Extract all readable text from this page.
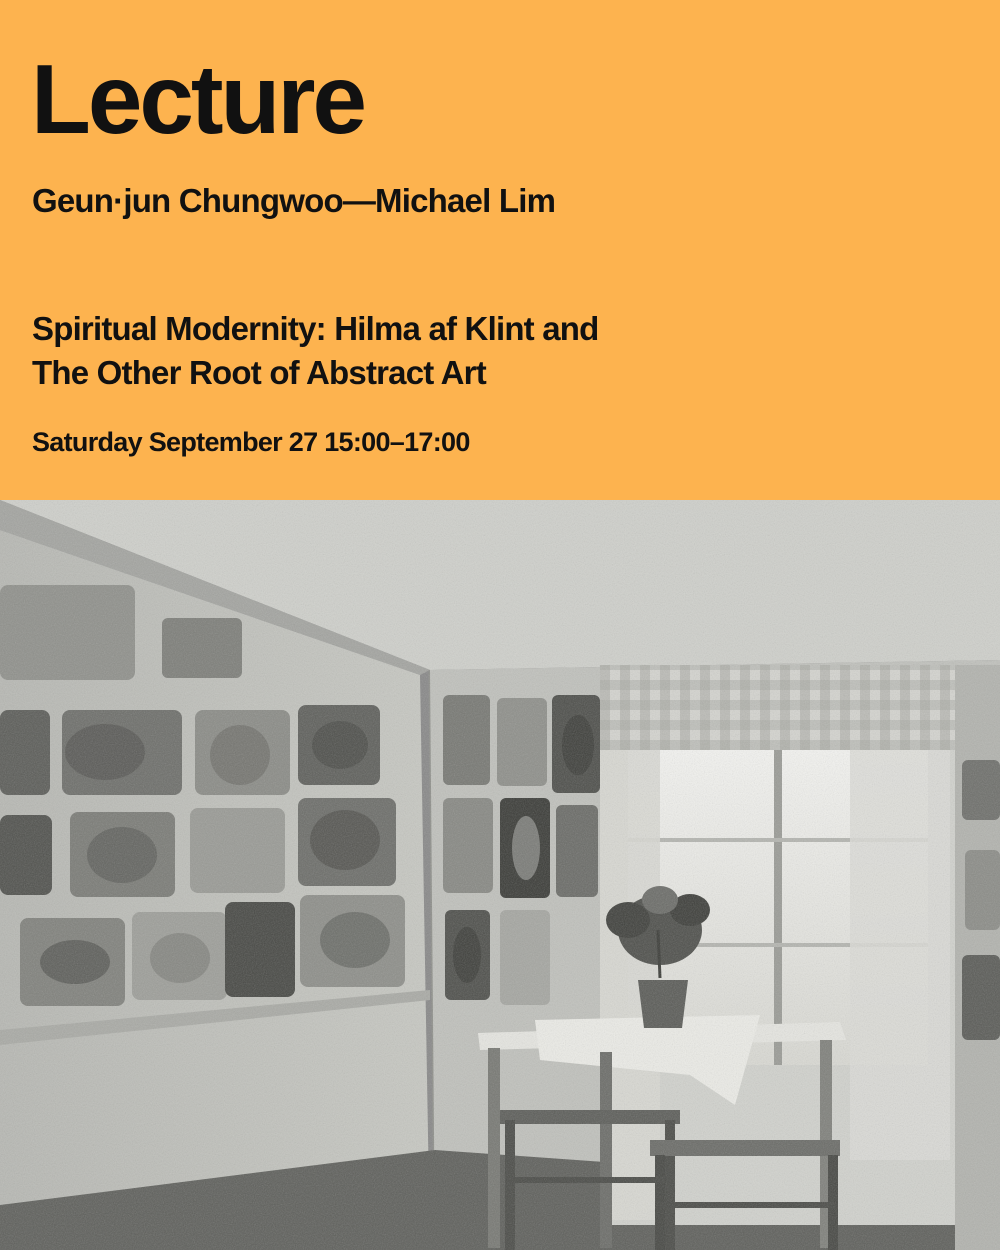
Lecture

Geun·jun Chungwoo—Michael Lim

Spiritual Modernity: Hilma af Klint and
The Other Root of Abstract Art

Saturday September 27 15:00–17:00
